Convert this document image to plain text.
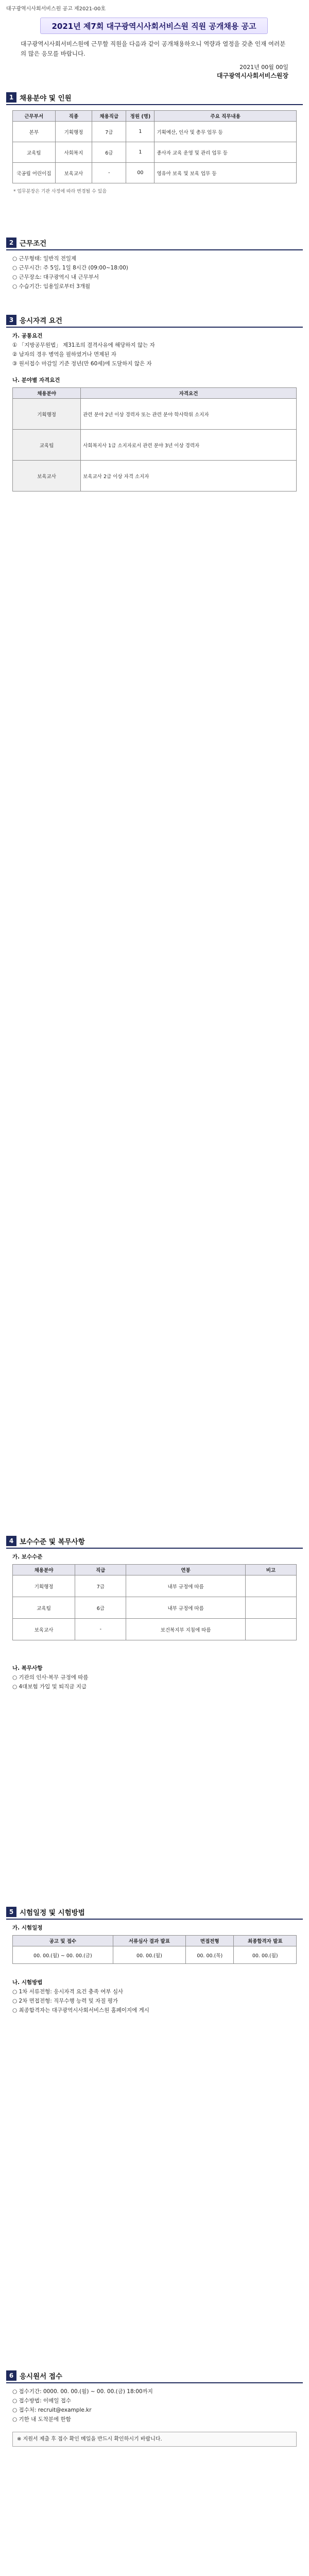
대구광역시사회서비스원 공고 제2021-00호
2021년 제7회 대구광역시사회서비스원 직원 공개채용 공고
대구광역시사회서비스원에 근무할 직원을 다음과 같이 공개채용하오니 역량과 열정을 갖춘 인재 여러분의 많은 응모를 바랍니다.
2021년 00월 00일
대구광역시사회서비스원장
1 채용분야 및 인원
근무부서	직종	채용직급	정원 (명)	주요 직무내용
본부	기획행정	7급	1	기획예산, 인사 및 총무 업무 등
교육팀	사회복지	6급	1	종사자 교육 운영 및 관리 업무 등
국공립 어린이집	보육교사	-	00	영유아 보육 및 보육 업무 등
* 업무분장은 기관 사정에 따라 변경될 수 있음
2 근무조건

○ 근무형태: 일반직 전일제

○ 근무시간: 주 5일, 1일 8시간 (09:00~18:00)

○ 근무장소: 대구광역시 내 근무부서

○ 수습기간: 임용일로부터 3개월

3 응시자격 요건

가. 공통요건

① 「지방공무원법」 제31조의 결격사유에 해당하지 않는 자

② 남자의 경우 병역을 필하였거나 면제된 자

③ 원서접수 마감일 기준 정년(만 60세)에 도달하지 않은 자

나. 분야별 자격요건
채용분야	자격요건
기획행정	관련 분야 2년 이상 경력자 또는 관련 분야 학사학위 소지자
교육팀	사회복지사 1급 소지자로서 관련 분야 3년 이상 경력자
보육교사	보육교사 2급 이상 자격 소지자
4 보수수준 및 복무사항
가. 보수수준
채용분야	직급	연봉	비고
기획행정	7급	내부 규정에 따름	
교육팀	6급	내부 규정에 따름	
보육교사	-	보건복지부 지침에 따름	

나. 복무사항

○ 기관의 인사·복무 규정에 따름

○ 4대보험 가입 및 퇴직금 지급

5 시험일정 및 시험방법
가. 시험일정
공고 및 접수	서류심사 결과 발표	면접전형	최종합격자 발표
00. 00.(월) ~ 00. 00.(금)	00. 00.(월)	00. 00.(목)	00. 00.(월)

나. 시험방법

○ 1차 서류전형: 응시자격 요건 충족 여부 심사

○ 2차 면접전형: 직무수행 능력 및 자질 평가

○ 최종합격자는 대구광역시사회서비스원 홈페이지에 게시

6 응시원서 접수

○ 접수기간: 0000. 00. 00.(월) ~ 00. 00.(금) 18:00까지

○ 접수방법: 이메일 접수

○ 접수처: recruit@example.kr

○ 기한 내 도착분에 한함

※ 지원서 제출 후 접수 확인 메일을 반드시 확인하시기 바랍니다.
